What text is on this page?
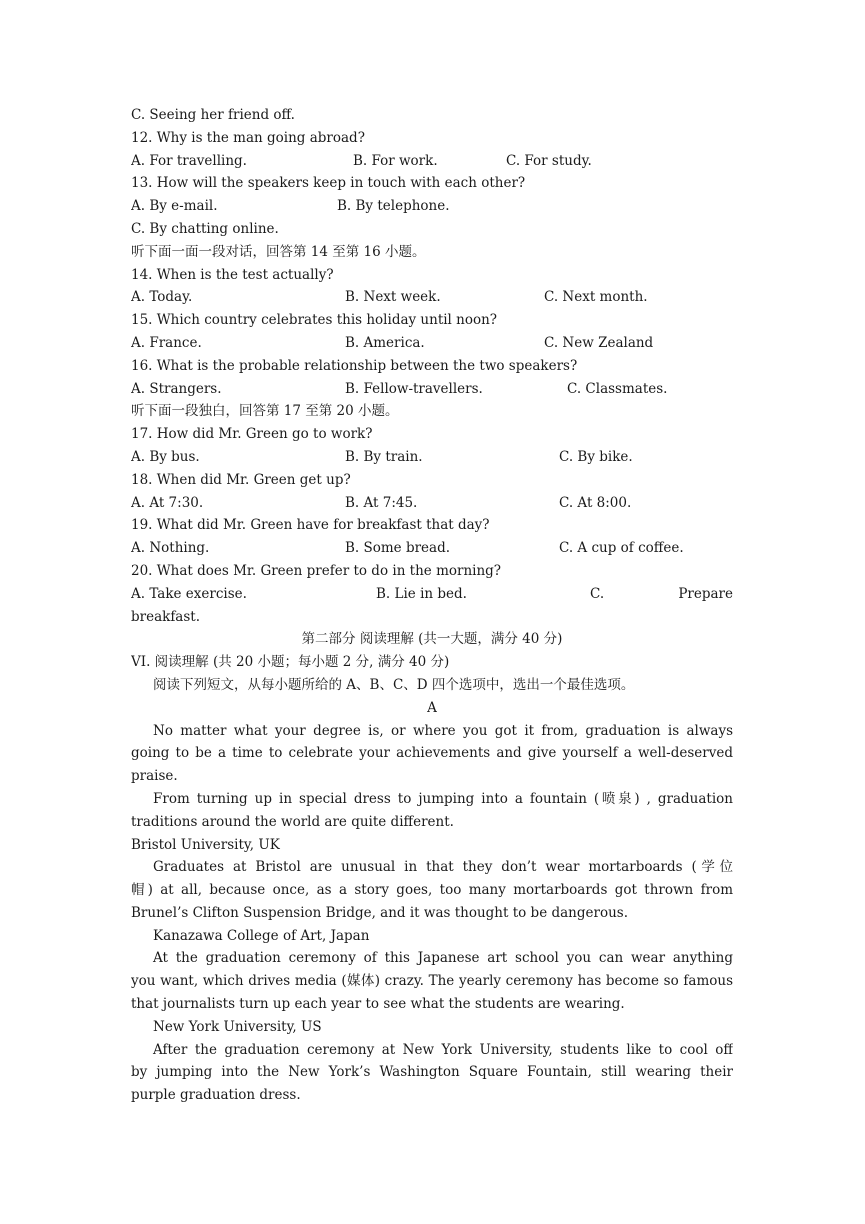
C. Seeing her friend off.
12. Why is the man going abroad?

A. For travelling.

	B. For work.

	C. For study.

13. How will the speakers keep in touch with each other?

A. By e-mail.

	B. By telephone.

C. By chatting online.
听下面一面一段对话，回答第 14 至第 16 小题。
14. When is the test actually?

A. Today.

	B. Next week.

	C. Next month.

15. Which country celebrates this holiday until noon?

A. France.

	B. America.

	C. New Zealand

16. What is the probable relationship between the two speakers?

A. Strangers.

	B. Fellow-travellers.

	C. Classmates.

听下面一段独白，回答第 17 至第 20 小题。
17. How did Mr. Green go to work?

A. By bus.

	B. By train.

	C. By bike.

18. When did Mr. Green get up?

A. At 7:30.

	B. At 7:45.

	C. At 8:00.

19. What did Mr. Green have for breakfast that day?

A. Nothing.

	B. Some bread.

	C. A cup of coffee.

20. What does Mr. Green prefer to do in the morning?

A. Take exercise.

	B. Lie in bed.

	C.

	Prepare

breakfast.
第二部分 阅读理解 (共一大题，满分 40 分)
VI. 阅读理解 (共 20 小题；每小题 2 分, 满分 40 分)
阅读下列短文，从每小题所给的 A、B、C、D 四个选项中，选出一个最佳选项。
A
No matter what your degree is, or where you got it from, graduation is always
going to be a time to celebrate your achievements and give yourself a well-deserved
praise.
From turning up in special dress to jumping into a fountain (喷泉) , graduation
traditions around the world are quite different.
Bristol University, UK
Graduates at Bristol are unusual in that they don’t wear mortarboards (学位
帽) at all, because once, as a story goes, too many mortarboards got thrown from
Brunel’s Clifton Suspension Bridge, and it was thought to be dangerous.
Kanazawa College of Art, Japan
At the graduation ceremony of this Japanese art school you can wear anything
you want, which drives media (媒体) crazy. The yearly ceremony has become so famous
that journalists turn up each year to see what the students are wearing.
New York University, US
After the graduation ceremony at New York University, students like to cool off
by jumping into the New York’s Washington Square Fountain, still wearing their
purple graduation dress.
